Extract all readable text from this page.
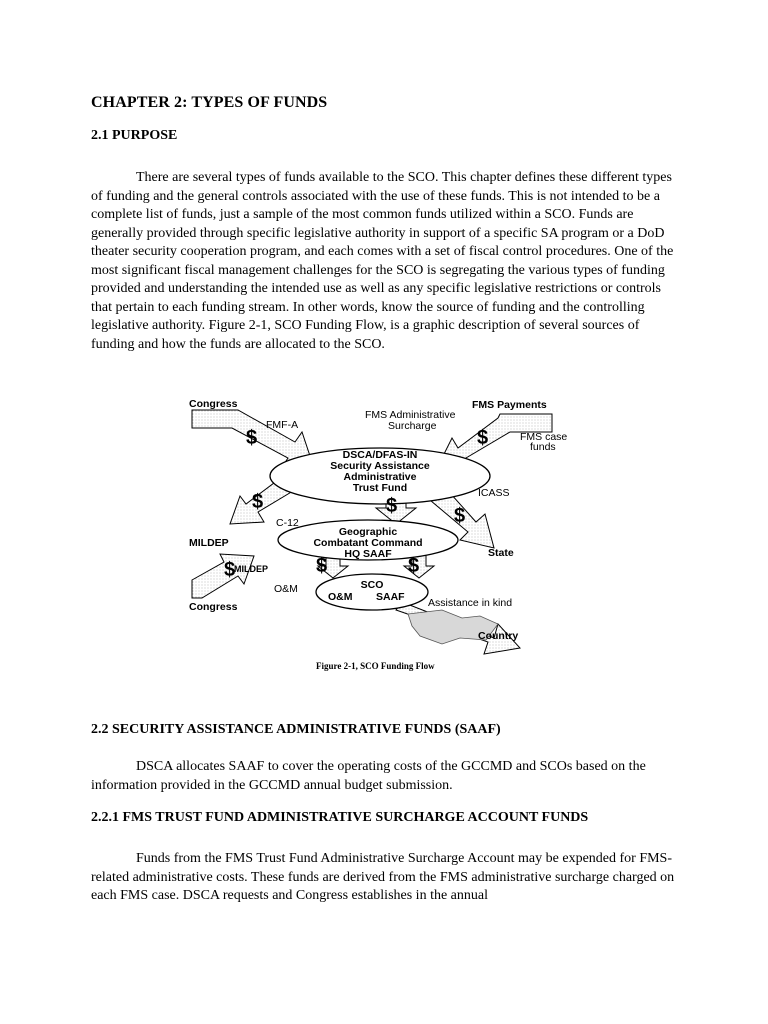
CHAPTER 2: TYPES OF FUNDS
2.1 PURPOSE

There are several types of funds available to the SCO. This chapter defines these different types of funding and the general controls associated with the use of these funds. This is not intended to be a complete list of funds, just a sample of the most common funds utilized within a SCO. Funds are generally provided through specific legislative authority in support of a specific SA program or a DoD theater security cooperation program, and each comes with a set of fiscal control procedures. One of the most significant fiscal management challenges for the SCO is segregating the various types of funding provided and understanding the intended use as well as any specific legislative restrictions or controls that pertain to each funding stream. In other words, know the source of funding and the controlling legislative authority. Figure 2-1, SCO Funding Flow, is a graphic description of several sources of funding and how the funds are allocated to the SCO.

$	$
$	$	$
$	$
$
Congress
FMF-A
FMS Administrative
Surcharge
FMS Payments
FMS case
funds
DSCA/DFAS-IN
Security Assistance
Administrative
Trust Fund	ICASS
C-12
MILDEP
Geographic
Combatant Command
HQ SAAF	State
MILDEP
O&M	SCO
O&M SAAF Assistance in kind
Congress
Country

Figure 2-1, SCO Funding Flow

2.2 SECURITY ASSISTANCE ADMINISTRATIVE FUNDS (SAAF)

DSCA allocates SAAF to cover the operating costs of the GCCMD and SCOs based on the information provided in the GCCMD annual budget submission.

2.2.1 FMS TRUST FUND ADMINISTRATIVE SURCHARGE ACCOUNT FUNDS

Funds from the FMS Trust Fund Administrative Surcharge Account may be expended for FMS-related administrative costs. These funds are derived from the FMS administrative surcharge charged on each FMS case. DSCA requests and Congress establishes in the annual
